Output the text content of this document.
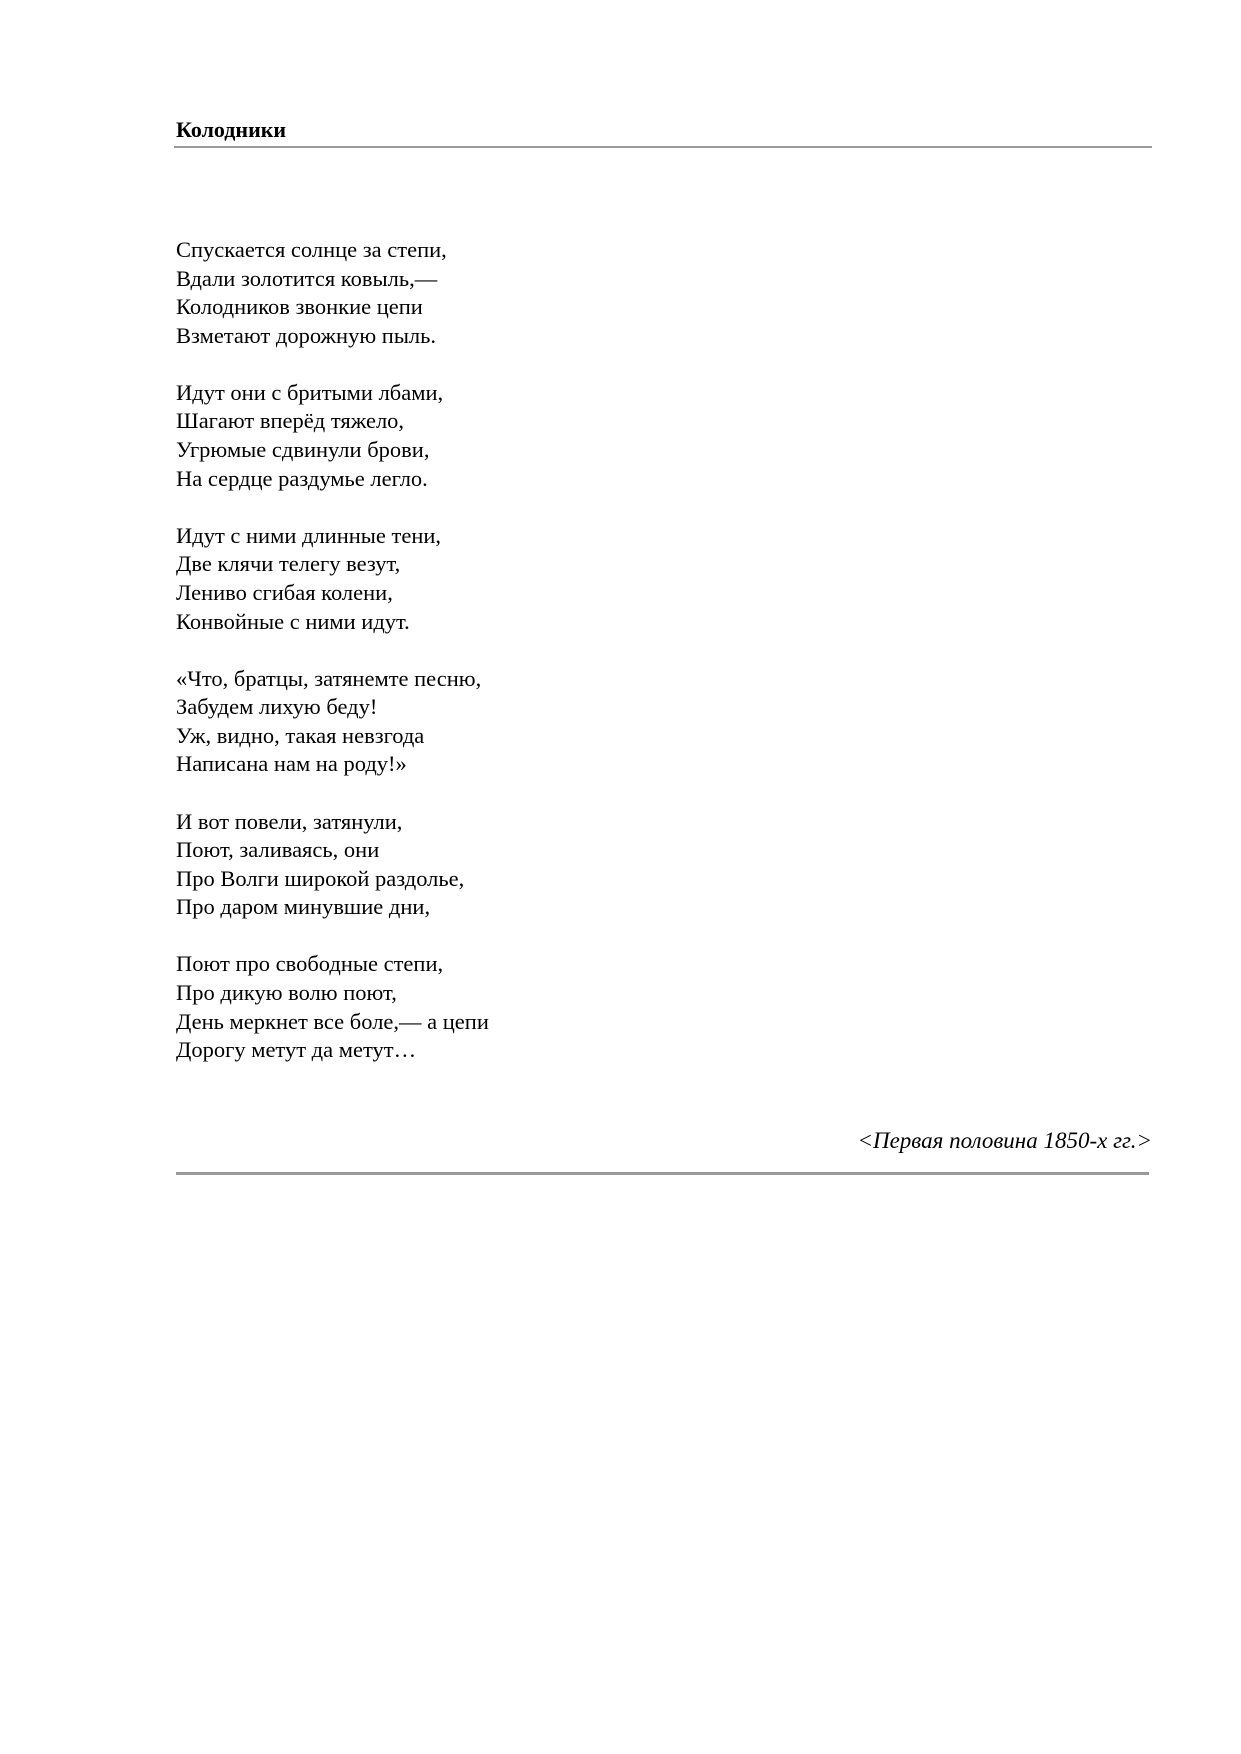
Колодники
Спускается солнце за степи,
Вдали золотится ковыль,—
Колодников звонкие цепи
Взметают дорожную пыль.
Идут они с бритыми лбами,
Шагают вперёд тяжело,
Угрюмые сдвинули брови,
На сердце раздумье легло.
Идут с ними длинные тени,
Две клячи телегу везут,
Лениво сгибая колени,
Конвойные с ними идут.
«Что, братцы, затянемте песню,
Забудем лихую беду!
Уж, видно, такая невзгода
Написана нам на роду!»
И вот повели, затянули,
Поют, заливаясь, они
Про Волги широкой раздолье,
Про даром минувшие дни,
Поют про свободные степи,
Про дикую волю поют,
День меркнет все боле,— а цепи
Дорогу метут да метут…
<Первая половина 1850-х гг.>
